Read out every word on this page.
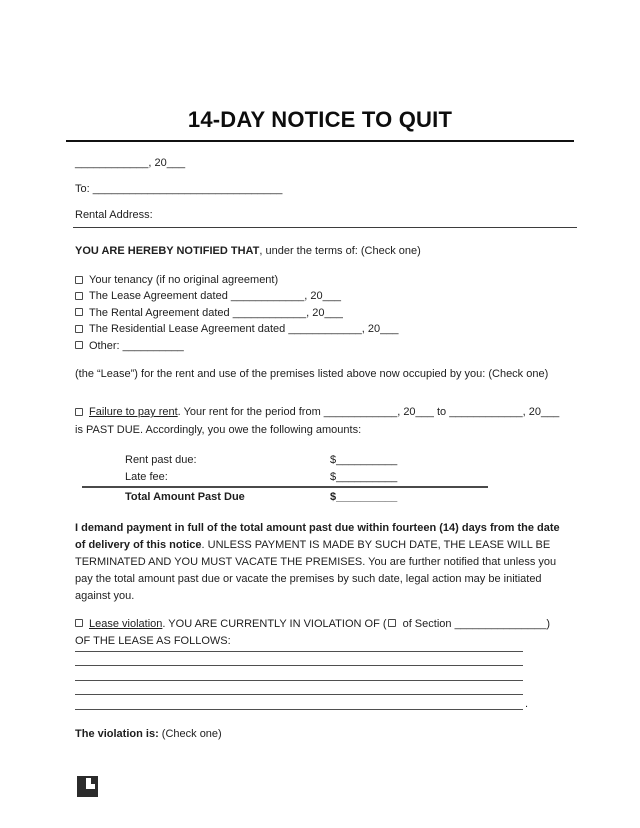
14-DAY NOTICE TO QUIT

____________, 20___

To: _______________________________

Rental Address:

YOU ARE HEREBY NOTIFIED THAT, under the terms of: (Check one)

Your tenancy (if no original agreement)
The Lease Agreement dated ____________, 20___
The Rental Agreement dated ____________, 20___
The Residential Lease Agreement dated ____________, 20___
Other: __________

(the “Lease”) for the rent and use of the premises listed above now occupied by you: (Check one)

Failure to pay rent. Your rent for the period from ____________, 20___ to ____________, 20___ is PAST DUE. Accordingly, you owe the following amounts:

Rent past due:	$__________
Late fee:	$__________
Total Amount Past Due	$__________

I demand payment in full of the total amount past due within fourteen (14) days from the date of delivery of this notice. UNLESS PAYMENT IS MADE BY SUCH DATE, THE LEASE WILL BE TERMINATED AND YOU MUST VACATE THE PREMISES. You are further notified that unless you pay the total amount past due or vacate the premises by such date, legal action may be initiated against you.

Lease violation. YOU ARE CURRENTLY IN VIOLATION OF ( of Section _______________) OF THE LEASE AS FOLLOWS:

.

The violation is: (Check one)
